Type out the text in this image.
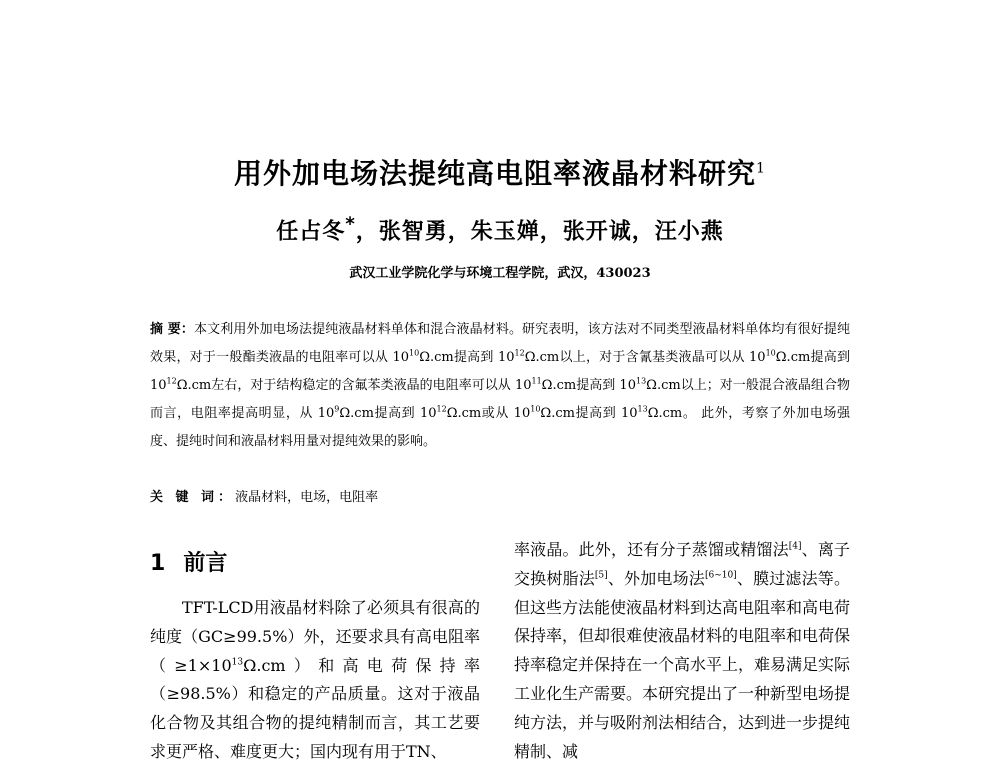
用外加电场法提纯高电阻率液晶材料研究$^1$
任占冬*，张智勇，朱玉婵，张开诚，汪小燕
武汉工业学院化学与环境工程学院，武汉，430023

摘 要：本文利用外加电场法提纯液晶材料单体和混合液晶材料。研究表明，该方法对不同类型液晶材料单体均有很好提纯效果，对于一般酯类液晶的电阻率可以从 $10^{10}\Omega.cm$提高到 $10^{12}\Omega.cm$以上，对于含氰基类液晶可以从 $10^{10}\Omega.cm$提高到 $10^{12}\Omega.cm$左右，对于结构稳定的含氟苯类液晶的电阻率可以从 $10^{11}\Omega.cm$提高到 $10^{13}\Omega.cm$以上；对一般混合液晶组合物而言，电阻率提高明显，从 $10^9\Omega.cm$提高到 $10^{12}\Omega.cm$或从 $10^{10}\Omega.cm$提高到 $10^{13}\Omega.cm$。 此外，考察了外加电场强度、提纯时间和液晶材料用量对提纯效果的影响。

关 键 词：液晶材料，电场，电阻率
1 前言

TFT-LCD用液晶材料除了必须具有很高的纯度（GC≥99.5%）外，还要求具有高电阻率$(\ge 1\times 10^{13}\Omega.cm)$和高电荷保持率（≥98.5%）和稳定的产品质量。这对于液晶化合物及其组合物的提纯精制而言，其工艺要求更严格、难度更大；国内现有用于TN、

率液晶。此外，还有分子蒸馏或精馏法[4]、离子交换树脂法[5]、外加电场法[6~10]、膜过滤法等。但这些方法能使液晶材料到达高电阻率和高电荷保持率，但却很难使液晶材料的电阻率和电荷保持率稳定并保持在一个高水平上，难易满足实际工业化生产需要。本研究提出了一种新型电场提纯方法，并与吸附剂法相结合，达到进一步提纯精制、减
